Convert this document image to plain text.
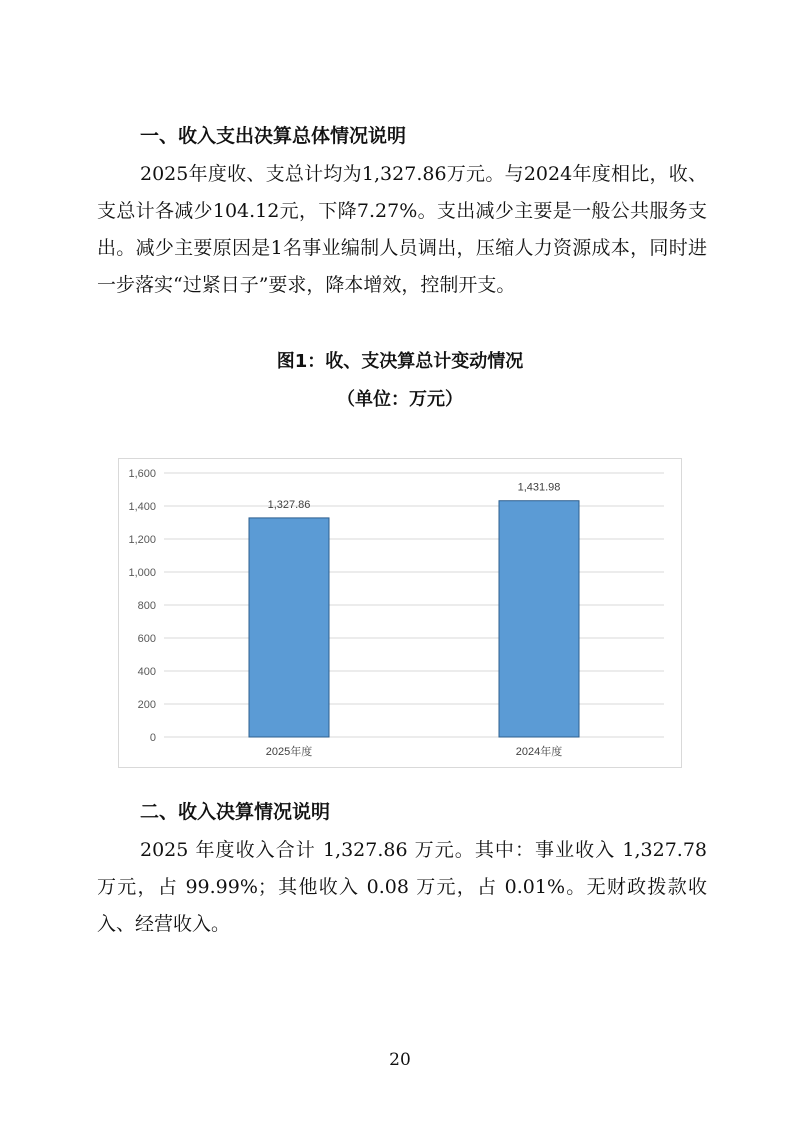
一、收入支出决算总体情况说明

2025年度收、支总计均为1,327.86万元。与2024年度相比，收、支总计各减少104.12元，下降7.27%。支出减少主要是一般公共服务支出。减少主要原因是1名事业编制人员调出，压缩人力资源成本，同时进一步落实“过紧日子”要求，降本增效，控制开支。

图1：收、支决算总计变动情况

（单位：万元）

0
200
400
600
800
1,000
1,200
1,400
1,600
1,327.86
2025年度
1,431.98
2024年度
二、收入决算情况说明

2025 年度收入合计 1,327.86 万元。其中：事业收入 1,327.78 万元，占 99.99%；其他收入 0.08 万元，占 0.01%。无财政拨款收入、经营收入。

20
